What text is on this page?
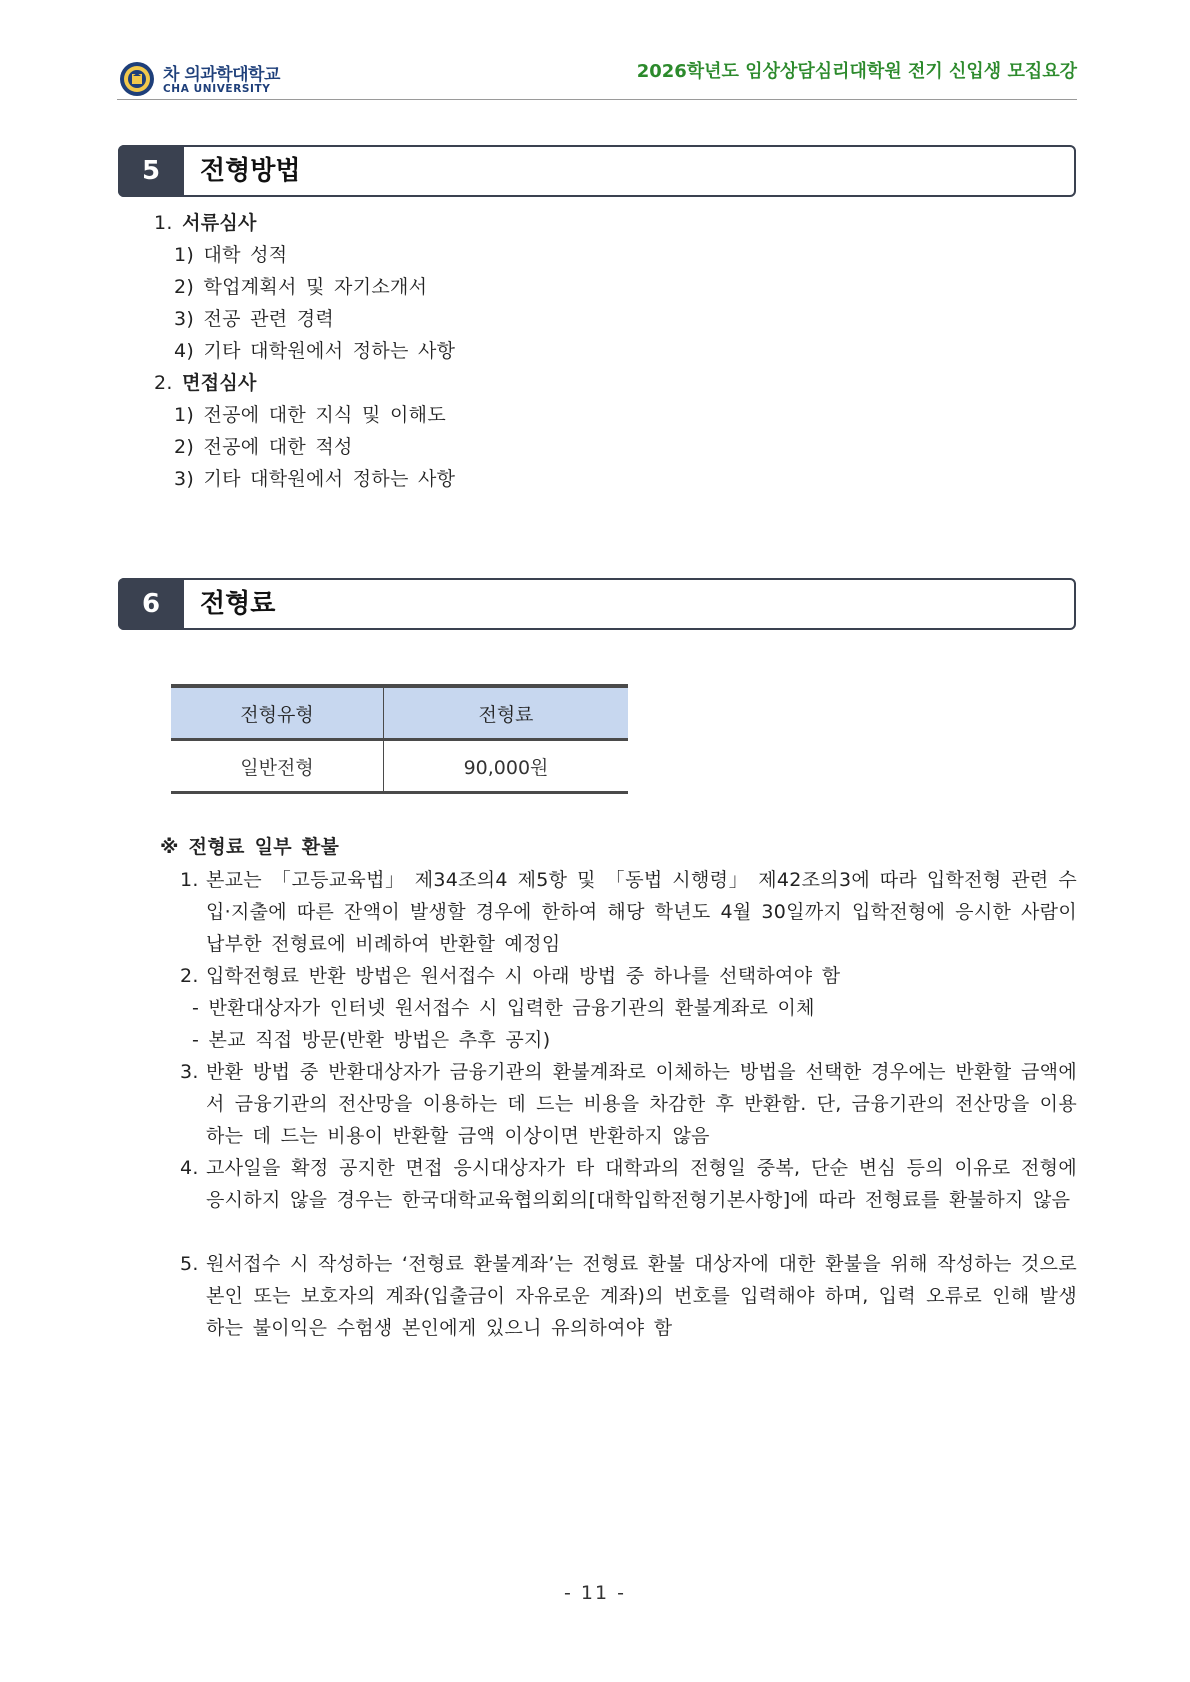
차 의과학대학교
CHA UNIVERSITY
2026학년도 임상상담심리대학원 전기 신입생 모집요강
5	전형방법
1. 서류심사
1) 대학 성적
2) 학업계획서 및 자기소개서
3) 전공 관련 경력
4) 기타 대학원에서 정하는 사항
2. 면접심사
1) 전공에 대한 지식 및 이해도
2) 전공에 대한 적성
3) 기타 대학원에서 정하는 사항
6	전형료
전형유형	전형료
일반전형	90,000원
※ 전형료 일부 환불
1. 본교는 「고등교육법」 제34조의4 제5항 및 「동법 시행령」 제42조의3에 따라 입학전형 관련 수입·지출에 따른 잔액이 발생할 경우에 한하여 해당 학년도 4월 30일까지 입학전형에 응시한 사람이 납부한 전형료에 비례하여 반환할 예정임
2. 입학전형료 반환 방법은 원서접수 시 아래 방법 중 하나를 선택하여야 함
- 반환대상자가 인터넷 원서접수 시 입력한 금융기관의 환불계좌로 이체
- 본교 직접 방문(반환 방법은 추후 공지)
3. 반환 방법 중 반환대상자가 금융기관의 환불계좌로 이체하는 방법을 선택한 경우에는 반환할 금액에서 금융기관의 전산망을 이용하는 데 드는 비용을 차감한 후 반환함. 단, 금융기관의 전산망을 이용하는 데 드는 비용이 반환할 금액 이상이면 반환하지 않음
4. 고사일을 확정 공지한 면접 응시대상자가 타 대학과의 전형일 중복, 단순 변심 등의 이유로 전형에 응시하지 않을 경우는 한국대학교육협의회의[대학입학전형기본사항]에 따라 전형료를 환불하지 않음
5. 원서접수 시 작성하는 ‘전형료 환불계좌’는 전형료 환불 대상자에 대한 환불을 위해 작성하는 것으로 본인 또는 보호자의 계좌(입출금이 자유로운 계좌)의 번호를 입력해야 하며, 입력 오류로 인해 발생하는 불이익은 수험생 본인에게 있으니 유의하여야 함
- 11 -
